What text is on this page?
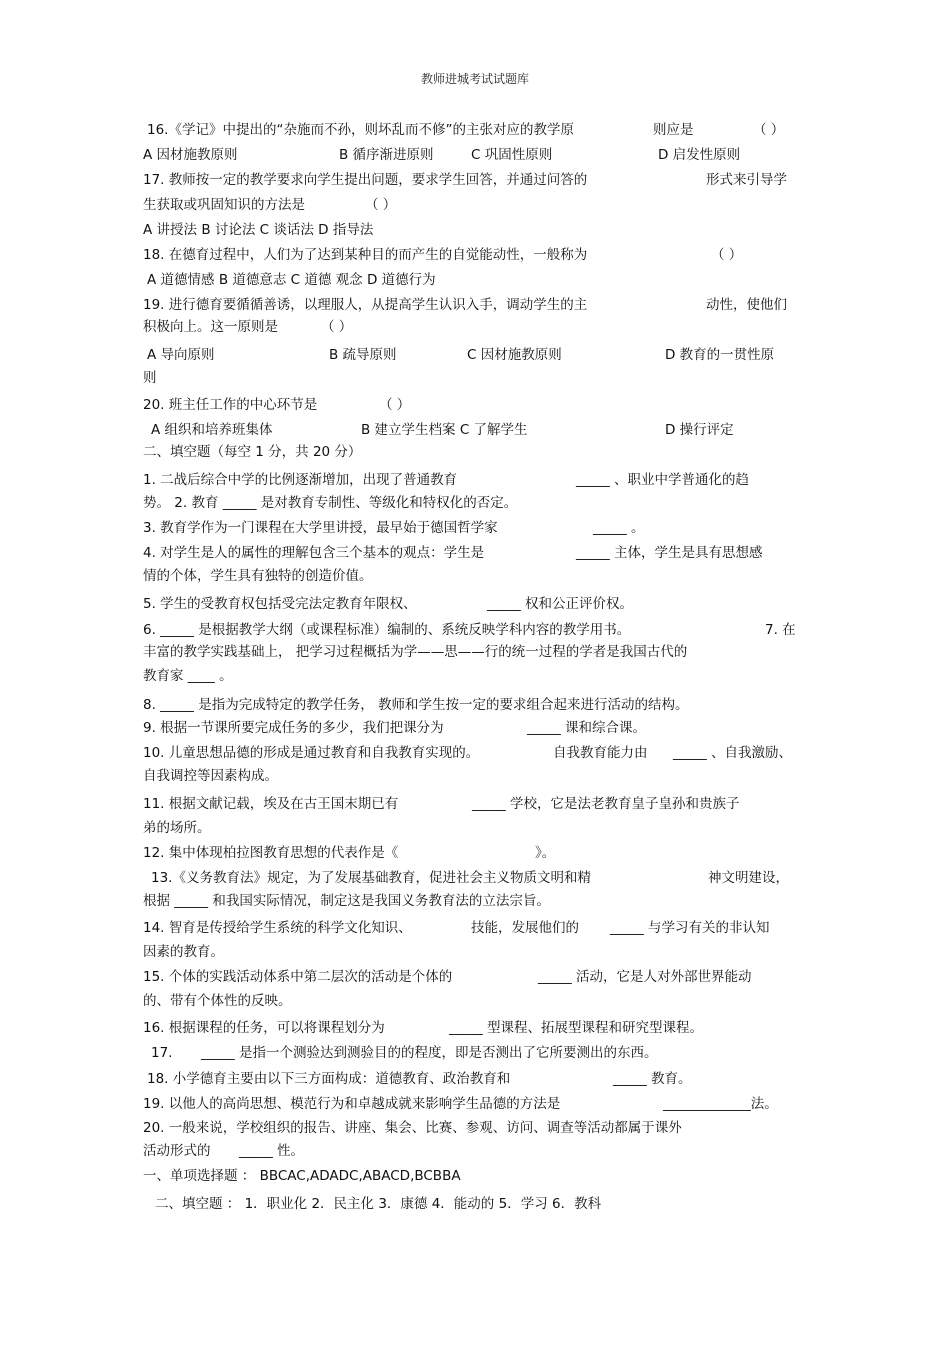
教师进城考试试题库
16.《学记》中提出的“杂施而不孙，则坏乱而不修”的主张对应的教学原	则应是	（ ）
A 因材施教原则	B 循序渐进原则	C 巩固性原则	D 启发性原则
17. 教师按一定的教学要求向学生提出问题，要求学生回答，并通过问答的	形式来引导学
生获取或巩固知识的方法是	（ ）
A 讲授法 B 讨论法 C 谈话法 D 指导法
18. 在德育过程中，人们为了达到某种目的而产生的自觉能动性，一般称为	（ ）
A 道德情感 B 道德意志 C 道德 观念 D 道德行为
19. 进行德育要循循善诱，以理服人，从提高学生认识入手，调动学生的主	动性，使他们
积极向上。这一原则是	（ ）
A 导向原则	B 疏导原则	C 因材施教原则	D 教育的一贯性原
则
20. 班主任工作的中心环节是	（ ）
A 组织和培养班集体	B 建立学生档案 C 了解学生	D 操行评定
二、填空题（每空 1 分，共 20 分）
1. 二战后综合中学的比例逐渐增加，出现了普通教育	_____ 、职业中学普通化的趋
势。 2. 教育 _____ 是对教育专制性、等级化和特权化的否定。
3. 教育学作为一门课程在大学里讲授，最早始于德国哲学家	_____ 。
4. 对学生是人的属性的理解包含三个基本的观点：学生是	_____ 主体，学生是具有思想感
情的个体，学生具有独特的创造价值。
5. 学生的受教育权包括受完法定教育年限权、	_____ 权和公正评价权。
6. _____ 是根据教学大纲（或课程标准）编制的、系统反映学科内容的教学用书。	7. 在
丰富的教学实践基础上， 把学习过程概括为学——思——行的统一过程的学者是我国古代的
教育家 ____ 。
8. _____ 是指为完成特定的教学任务， 教师和学生按一定的要求组合起来进行活动的结构。
9. 根据一节课所要完成任务的多少，我们把课分为	_____ 课和综合课。
10. 儿童思想品德的形成是通过教育和自我教育实现的。	自我教育能力由 _____ 、自我激励、
自我调控等因素构成。
11. 根据文献记载，埃及在古王国末期已有	_____ 学校，它是法老教育皇子皇孙和贵族子
弟的场所。
12. 集中体现柏拉图教育思想的代表作是《	》。
13.《义务教育法》规定，为了发展基础教育，促进社会主义物质文明和精	神文明建设，
根据 _____ 和我国实际情况，制定这是我国义务教育法的立法宗旨。
14. 智育是传授给学生系统的科学文化知识、	技能，发展他们的 _____ 与学习有关的非认知
因素的教育。
15. 个体的实践活动体系中第二层次的活动是个体的	_____ 活动，它是人对外部世界能动
的、带有个体性的反映。
16. 根据课程的任务，可以将课程划分为	_____ 型课程、拓展型课程和研究型课程。
17. _____ 是指一个测验达到测验目的的程度，即是否测出了它所要测出的东西。
18. 小学德育主要由以下三方面构成：道德教育、政治教育和	_____ 教育。
19. 以他人的高尚思想、模范行为和卓越成就来影响学生品德的方法是	_____________法。
20. 一般来说，学校组织的报告、讲座、集会、比赛、参观、访问、调查等活动都属于课外
活动形式的 _____ 性。
一、单项选择题 ： BBCAC,ADADC,ABACD,BCBBA
二、填空题 ： 1．职业化 2．民主化 3．康德 4．能动的 5．学习 6．教科
